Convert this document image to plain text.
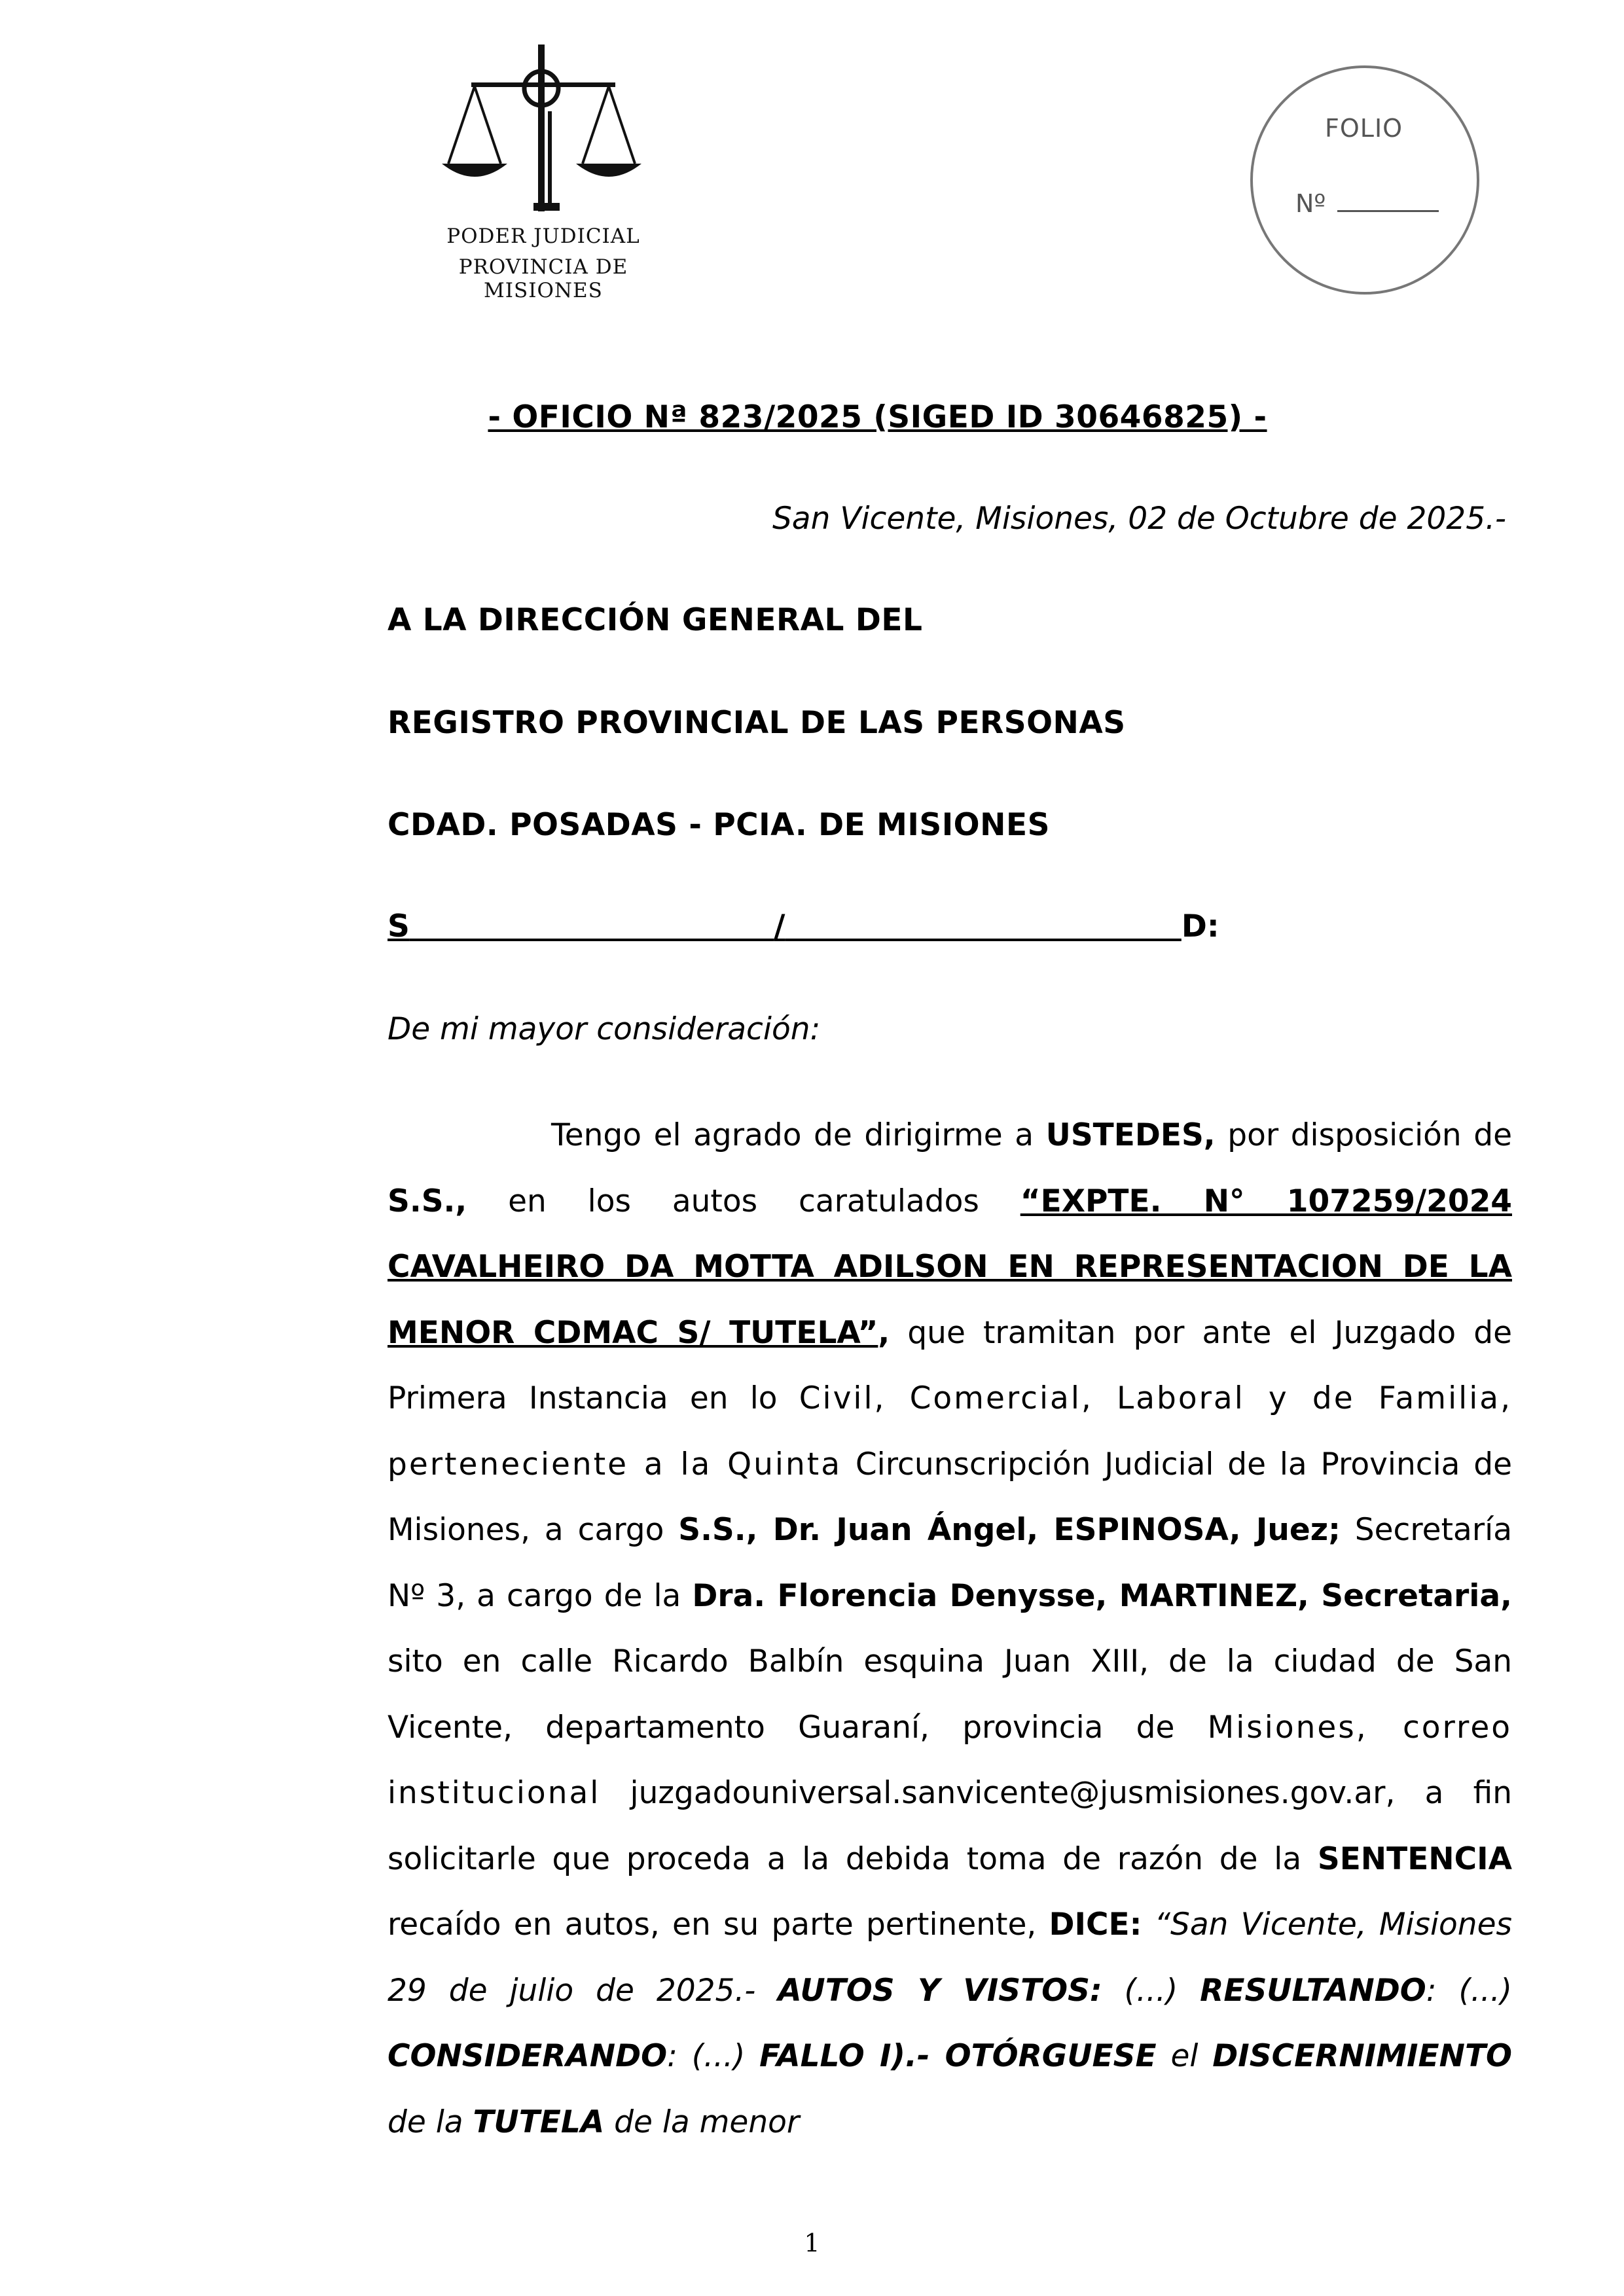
PODER JUDICIAL
PROVINCIA DE MISIONES
FOLIO
Nº
- OFICIO Nª 823/2025 (SIGED ID 30646825) -
San Vicente, Misiones, 02 de Octubre de 2025.-
A LA DIRECCIÓN GENERAL DEL
REGISTRO PROVINCIAL DE LAS PERSONAS
CDAD. POSADAS - PCIA. DE MISIONES
S	/	D:
De mi mayor consideración:

Tengo el agrado de dirigirme a USTEDES, por disposición de S.S., en los autos caratulados “EXPTE. N° 107259/2024 CAVALHEIRO DA MOTTA ADILSON EN REPRESENTACION DE LA MENOR CDMAC S/ TUTELA”, que tramitan por ante el Juzgado de Primera Instancia en lo Civil, Comercial, Laboral y de Familia, perteneciente a la Quinta Circunscripción Judicial de la Provincia de Misiones, a cargo S.S., Dr. Juan Ángel, ESPINOSA, Juez; Secretaría Nº 3, a cargo de la Dra. Florencia Denysse, MARTINEZ, Secretaria, sito en calle Ricardo Balbín esquina Juan XIII, de la ciudad de San Vicente, departamento Guaraní, provincia de Misiones, correo institucional juzgadouniversal.sanvicente@jusmisiones.gov.ar, a fin solicitarle que proceda a la debida toma de razón de la SENTENCIA recaído en autos, en su parte pertinente, DICE: “San Vicente, Misiones 29 de julio de 2025.- AUTOS Y VISTOS: (...) RESULTANDO: (...) CONSIDERANDO: (...) FALLO I).- OTÓRGUESE el DISCERNIMIENTO de la TUTELA de la menor

1
